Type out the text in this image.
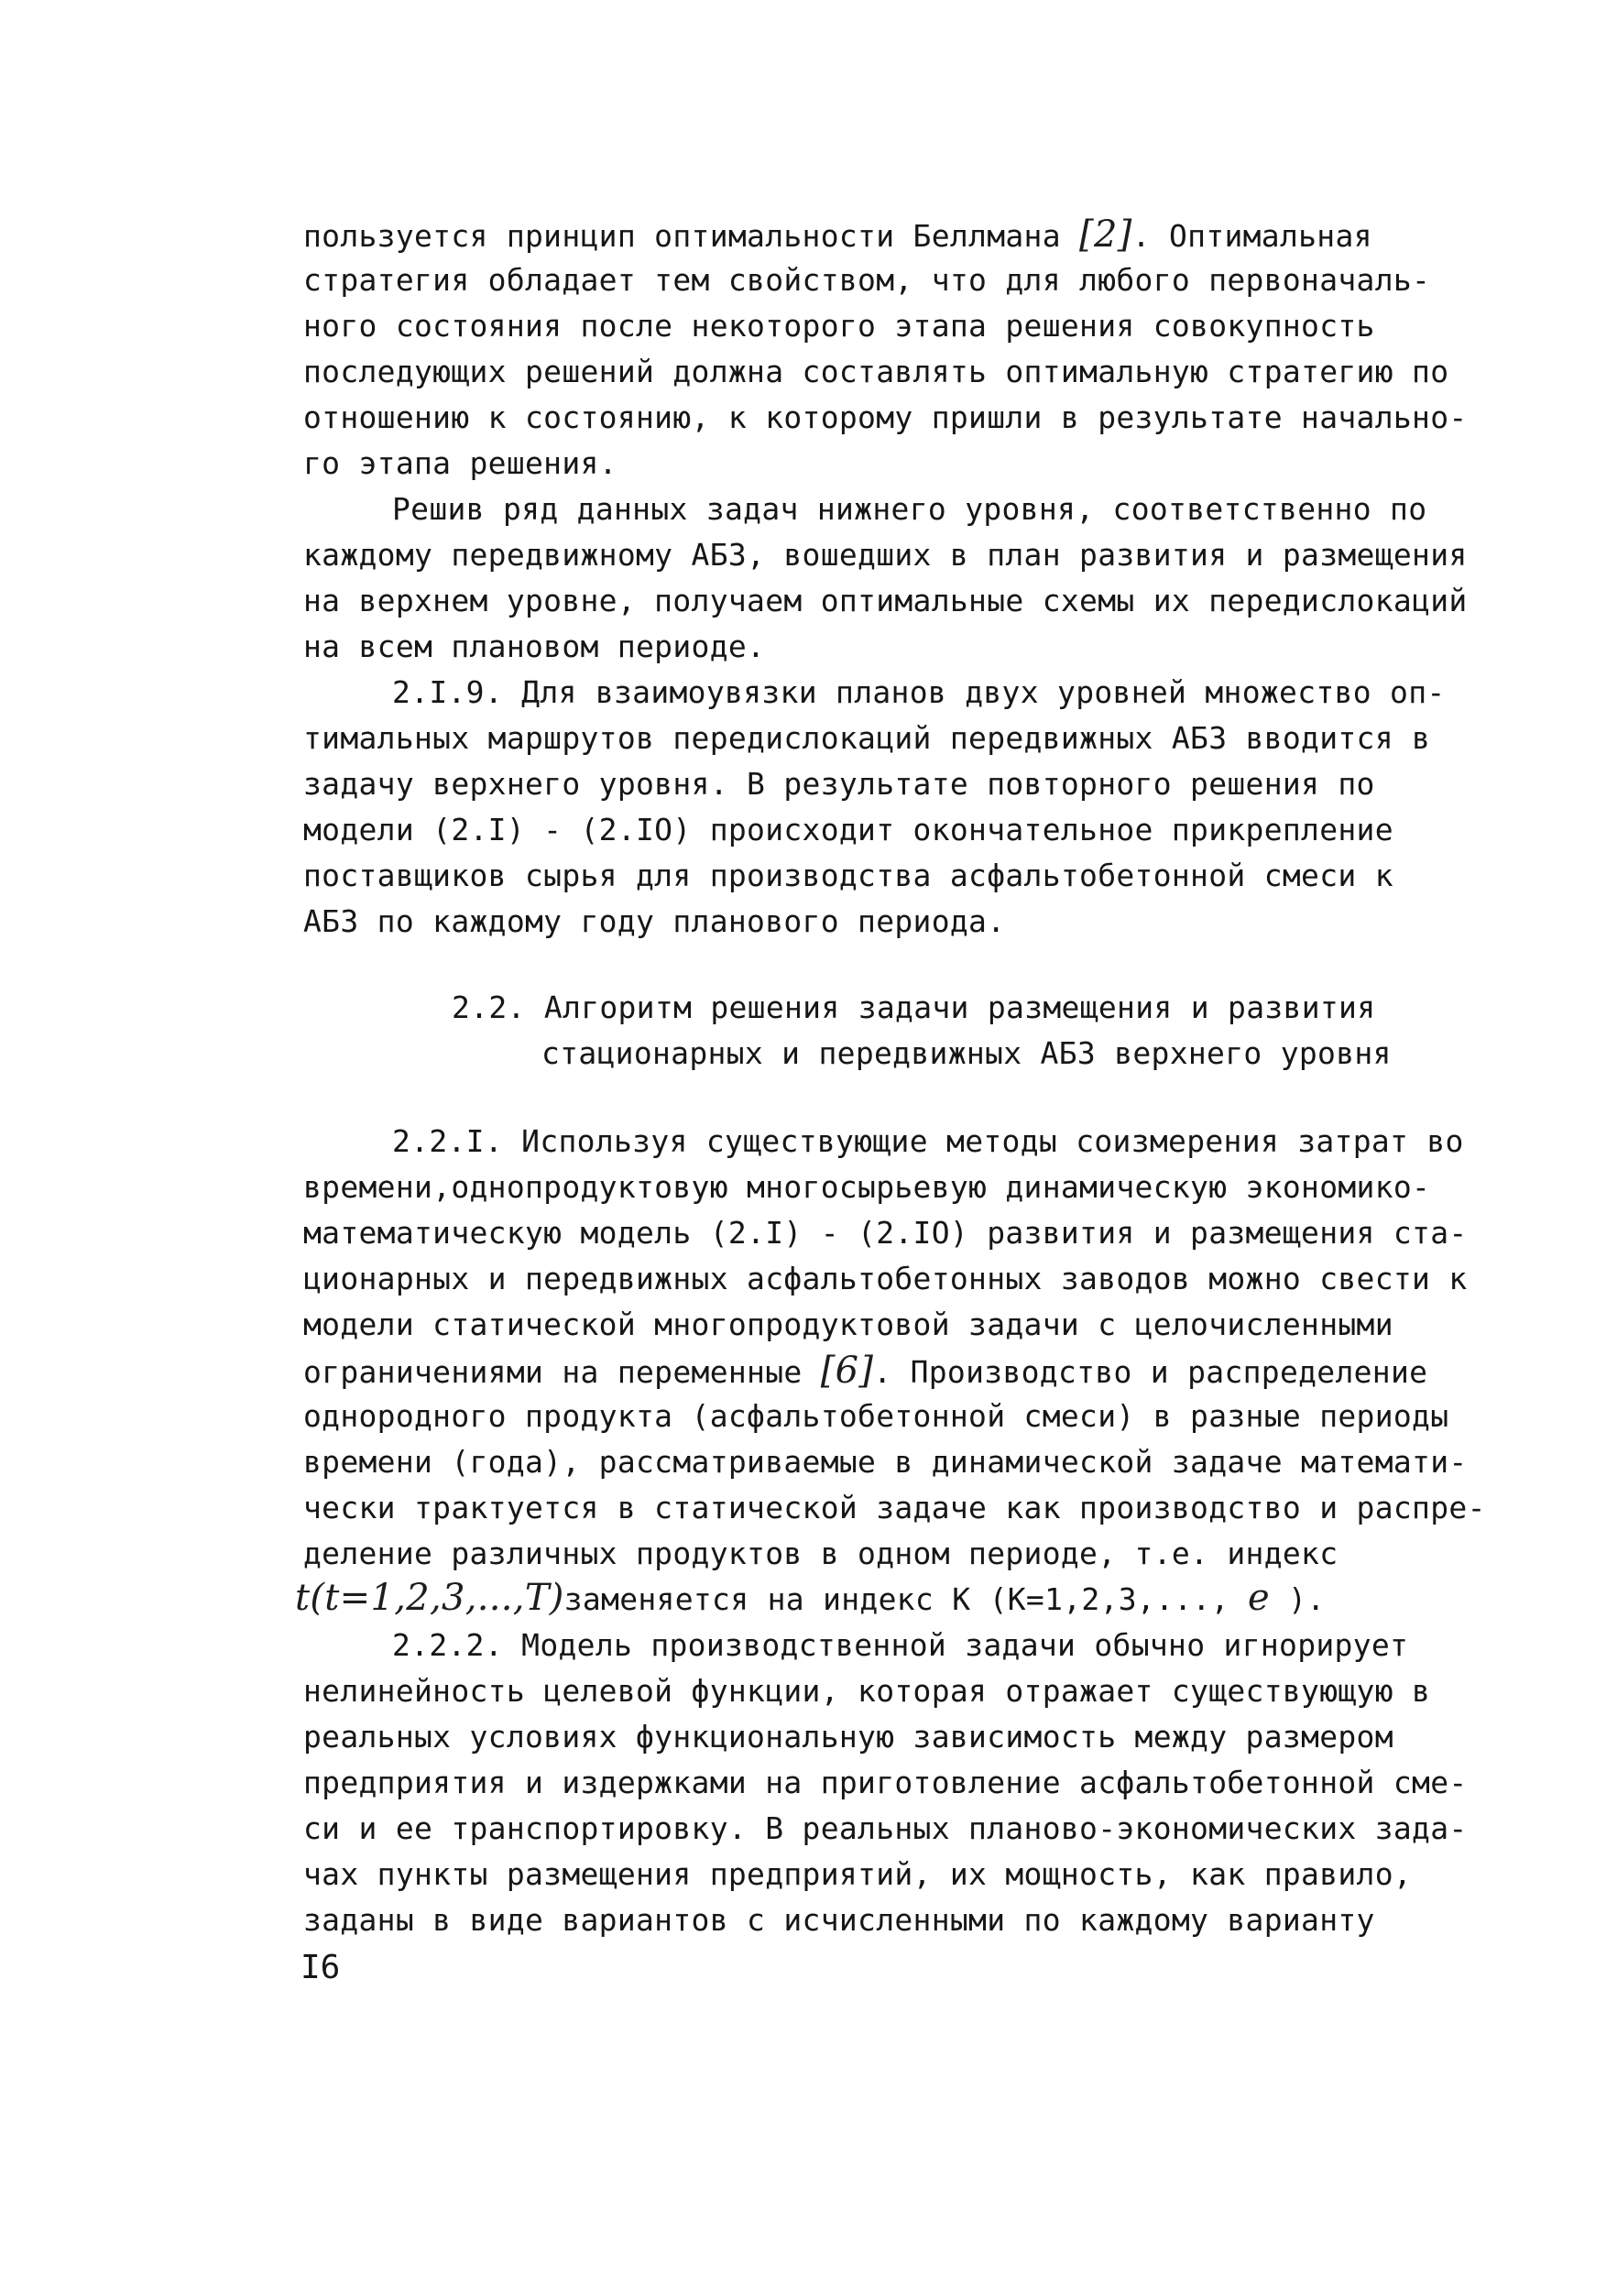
пользуется принцип оптимальности Беллмана [2]. Оптимальная
стратегия обладает тем свойством, что для любого первоначаль-
ного состояния после некоторого этапа решения совокупность
последующих решений должна составлять оптимальную стратегию по
отношению к состоянию, к которому пришли в результате начально-
го этапа решения.
Решив ряд данных задач нижнего уровня, соответственно по
каждому передвижному АБЗ, вошедших в план развития и размещения
на верхнем уровне, получаем оптимальные схемы их передислокаций
на всем плановом периоде.
2.I.9. Для взаимоувязки планов двух уровней множество оп-
тимальных маршрутов передислокаций передвижных АБЗ вводится в
задачу верхнего уровня. В результате повторного решения по
модели (2.I) - (2.IO) происходит окончательное прикрепление
поставщиков сырья для производства асфальтобетонной смеси к
АБЗ по каждому году планового периода.
2.2. Алгоритм решения задачи размещения и развития
стационарных и передвижных АБЗ верхнего уровня
2.2.I. Используя существующие методы соизмерения затрат во
времени,однопродуктовую многосырьевую динамическую экономико-
математическую модель (2.I) - (2.IO) развития и размещения ста-
ционарных и передвижных асфальтобетонных заводов можно свести к
модели статической многопродуктовой задачи с целочисленными
ограничениями на переменные [6]. Производство и распределение
однородного продукта (асфальтобетонной смеси) в разные периоды
времени (года), рассматриваемые в динамической задаче математи-
чески трактуется в статической задаче как производство и распре-
деление различных продуктов в одном периоде, т.е. индекс
t(t=1,2,3,...,T)заменяется на индекс К (К=1,2,3,..., e ).
2.2.2. Модель производственной задачи обычно игнорирует
нелинейность целевой функции, которая отражает существующую в
реальных условиях функциональную зависимость между размером
предприятия и издержками на приготовление асфальтобетонной сме-
си и ее транспортировку. В реальных планово-экономических зада-
чах пункты размещения предприятий, их мощность, как правило,
заданы в виде вариантов с исчисленными по каждому варианту
I6
